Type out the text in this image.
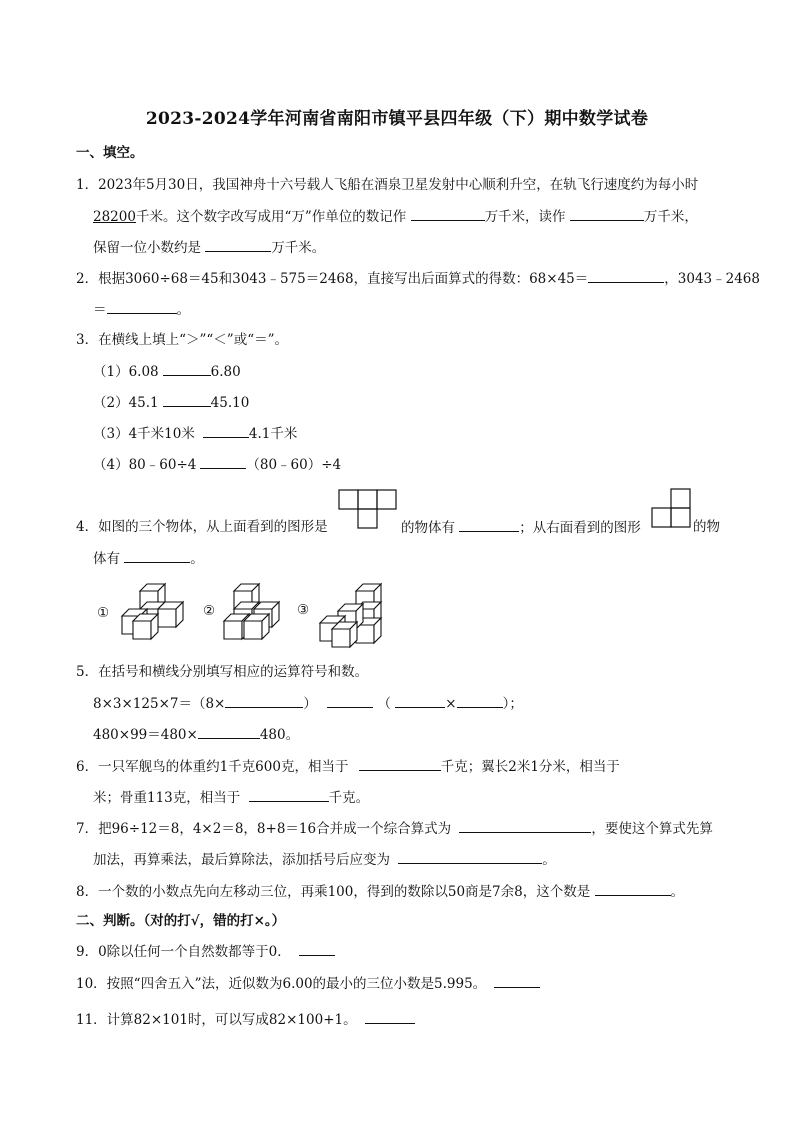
2023-2024学年河南省南阳市镇平县四年级（下）期中数学试卷
一、填空。
1．2023年5月30日，我国神舟十六号载人飞船在酒泉卫星发射中心顺利升空，在轨飞行速度约为每小时
28200千米。这个数字改写成用“万”作单位的数记作	万千米，读作	万千米，
保留一位小数约是	万千米。
2．根据3060÷68＝45和3043﹣575＝2468，直接写出后面算式的得数：68×45＝	，3043﹣2468
＝	。
3．在横线上填上“＞”“＜”或“＝”。
（1）6.08	6.80
（2）45.1	45.10
（3）4千米10米	4.1千米
（4）80﹣60÷4	（80﹣60）÷4
4．如图的三个物体，从上面看到的图形是	的物体有	；从右面看到的图形	的物
体有	。
①	②	③
5．在括号和横线分别填写相应的运算符号和数。
8×3×125×7＝（8×	）	（	×	）；
480×99＝480×	480。
6．一只军舰鸟的体重约1千克600克，相当于	千克；翼长2米1分米，相当于
米；骨重113克，相当于	千克。
7．把96÷12＝8，4×2＝8，8+8＝16合并成一个综合算式为	，要使这个算式先算
加法，再算乘法，最后算除法，添加括号后应变为	。
8．一个数的小数点先向左移动三位，再乘100，得到的数除以50商是7余8，这个数是	。
二、判断。（对的打√，错的打×。）
9．0除以任何一个自然数都等于0．
10．按照“四舍五入”法，近似数为6.00的最小的三位小数是5.995。
11．计算82×101时，可以写成82×100+1。
